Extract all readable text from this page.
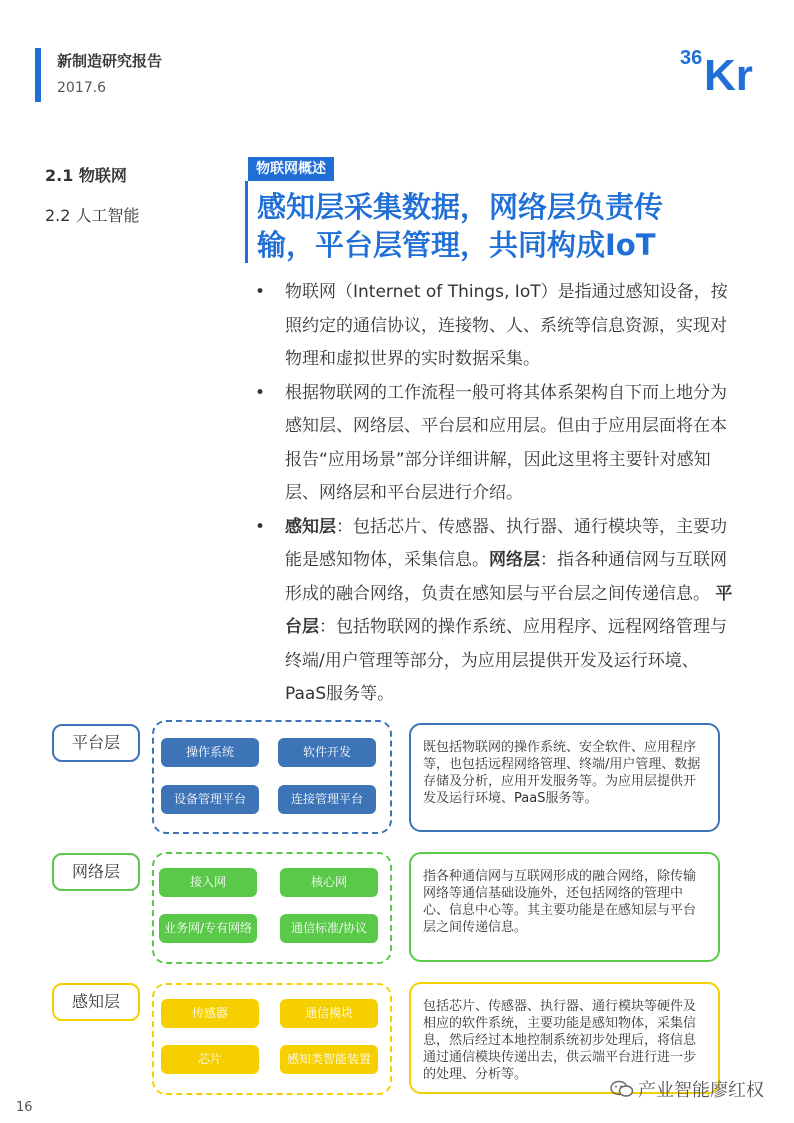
新制造研究报告
2017.6
36 Kr
2.1 物联网
2.2 人工智能
物联网概述
感知层采集数据，网络层负责传
输，平台层管理，共同构成IoT
• 物联网（Internet of Things, IoT）是指通过感知设备，按照约定的通信协议，连接物、人、系统等信息资源，实现对物理和虚拟世界的实时数据采集。
• 根据物联网的工作流程一般可将其体系架构自下而上地分为感知层、网络层、平台层和应用层。但由于应用层面将在本报告“应用场景”部分详细讲解，因此这里将主要针对感知层、网络层和平台层进行介绍。
• 感知层：包括芯片、传感器、执行器、通行模块等，主要功能是感知物体，采集信息。网络层：指各种通信网与互联网形成的融合网络，负责在感知层与平台层之间传递信息。 平台层：包括物联网的操作系统、应用程序、远程网络管理与终端/用户管理等部分，为应用层提供开发及运行环境、PaaS服务等。
平台层	操作系统	软件开发
设备管理平台	连接管理平台
既包括物联网的操作系统、安全软件、应用程序等，也包括远程网络管理、终端/用户管理、数据存储及分析，应用开发服务等。为应用层提供开发及运行环境、PaaS服务等。
网络层
接入网	核心网
业务网/专有网络	通信标准/协议
指各种通信网与互联网形成的融合网络，除传输网络等通信基础设施外，还包括网络的管理中心、信息中心等。其主要功能是在感知层与平台层之间传递信息。
感知层
传感器	通信模块
芯片	感知类智能装置
包括芯片、传感器、执行器、通行模块等硬件及相应的软件系统，主要功能是感知物体，采集信息，然后经过本地控制系统初步处理后，将信息通过通信模块传递出去，供云端平台进行进一步的处理、分析等。
16
产业智能廖红权
